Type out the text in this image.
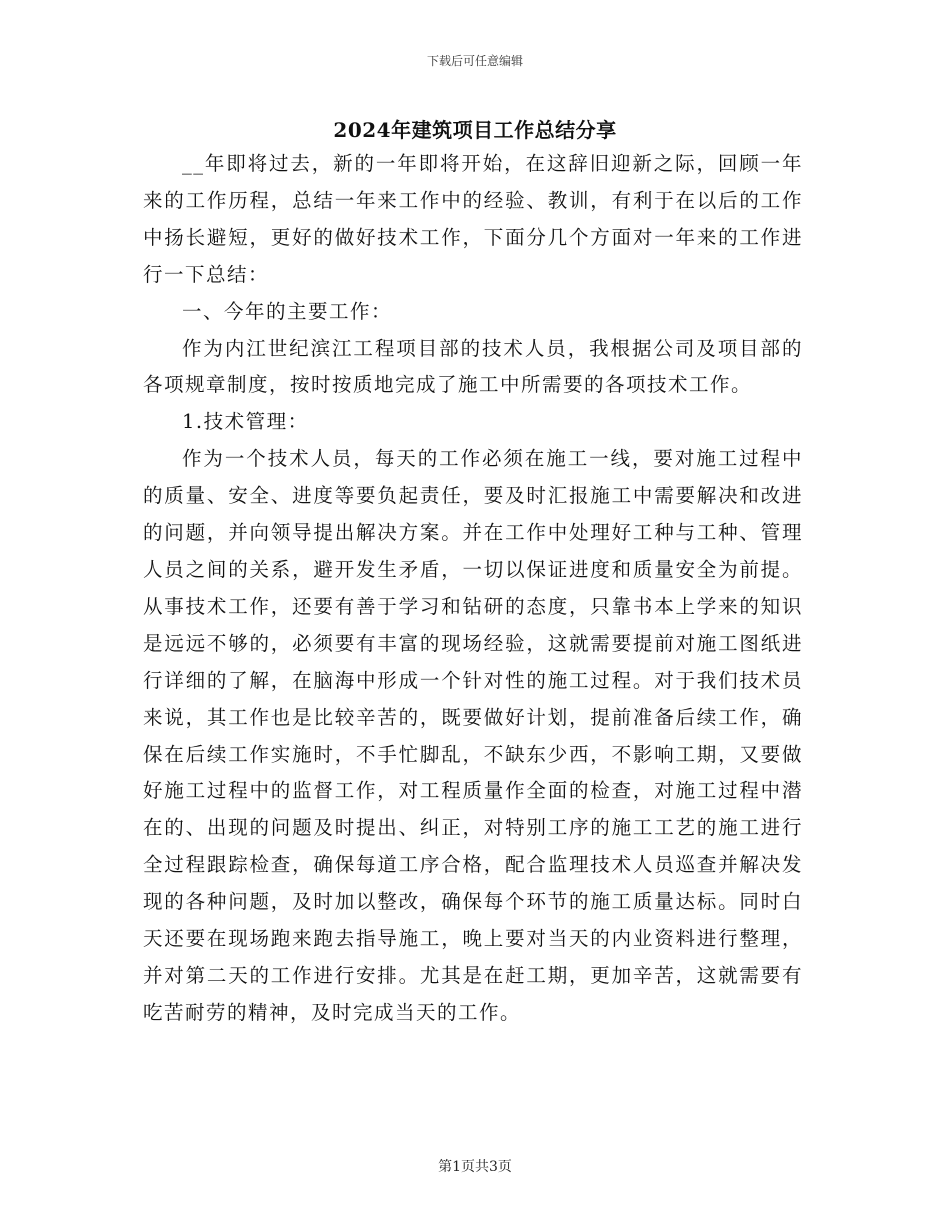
下载后可任意编辑
2024年建筑项目工作总结分享

__年即将过去，新的一年即将开始，在这辞旧迎新之际，回顾一年来的工作历程，总结一年来工作中的经验、教训，有利于在以后的工作中扬长避短，更好的做好技术工作，下面分几个方面对一年来的工作进行一下总结：

一、今年的主要工作：

作为内江世纪滨江工程项目部的技术人员，我根据公司及项目部的各项规章制度，按时按质地完成了施工中所需要的各项技术工作。

1.技术管理：

作为一个技术人员，每天的工作必须在施工一线，要对施工过程中的质量、安全、进度等要负起责任，要及时汇报施工中需要解决和改进的问题，并向领导提出解决方案。并在工作中处理好工种与工种、管理人员之间的关系，避开发生矛盾，一切以保证进度和质量安全为前提。从事技术工作，还要有善于学习和钻研的态度，只靠书本上学来的知识是远远不够的，必须要有丰富的现场经验，这就需要提前对施工图纸进行详细的了解，在脑海中形成一个针对性的施工过程。对于我们技术员来说，其工作也是比较辛苦的，既要做好计划，提前准备后续工作，确保在后续工作实施时，不手忙脚乱，不缺东少西，不影响工期，又要做好施工过程中的监督工作，对工程质量作全面的检查，对施工过程中潜在的、出现的问题及时提出、纠正，对特别工序的施工工艺的施工进行全过程跟踪检查，确保每道工序合格，配合监理技术人员巡查并解决发现的各种问题，及时加以整改，确保每个环节的施工质量达标。同时白天还要在现场跑来跑去指导施工，晚上要对当天的内业资料进行整理，并对第二天的工作进行安排。尤其是在赶工期，更加辛苦，这就需要有吃苦耐劳的精神，及时完成当天的工作。

第1页共3页
